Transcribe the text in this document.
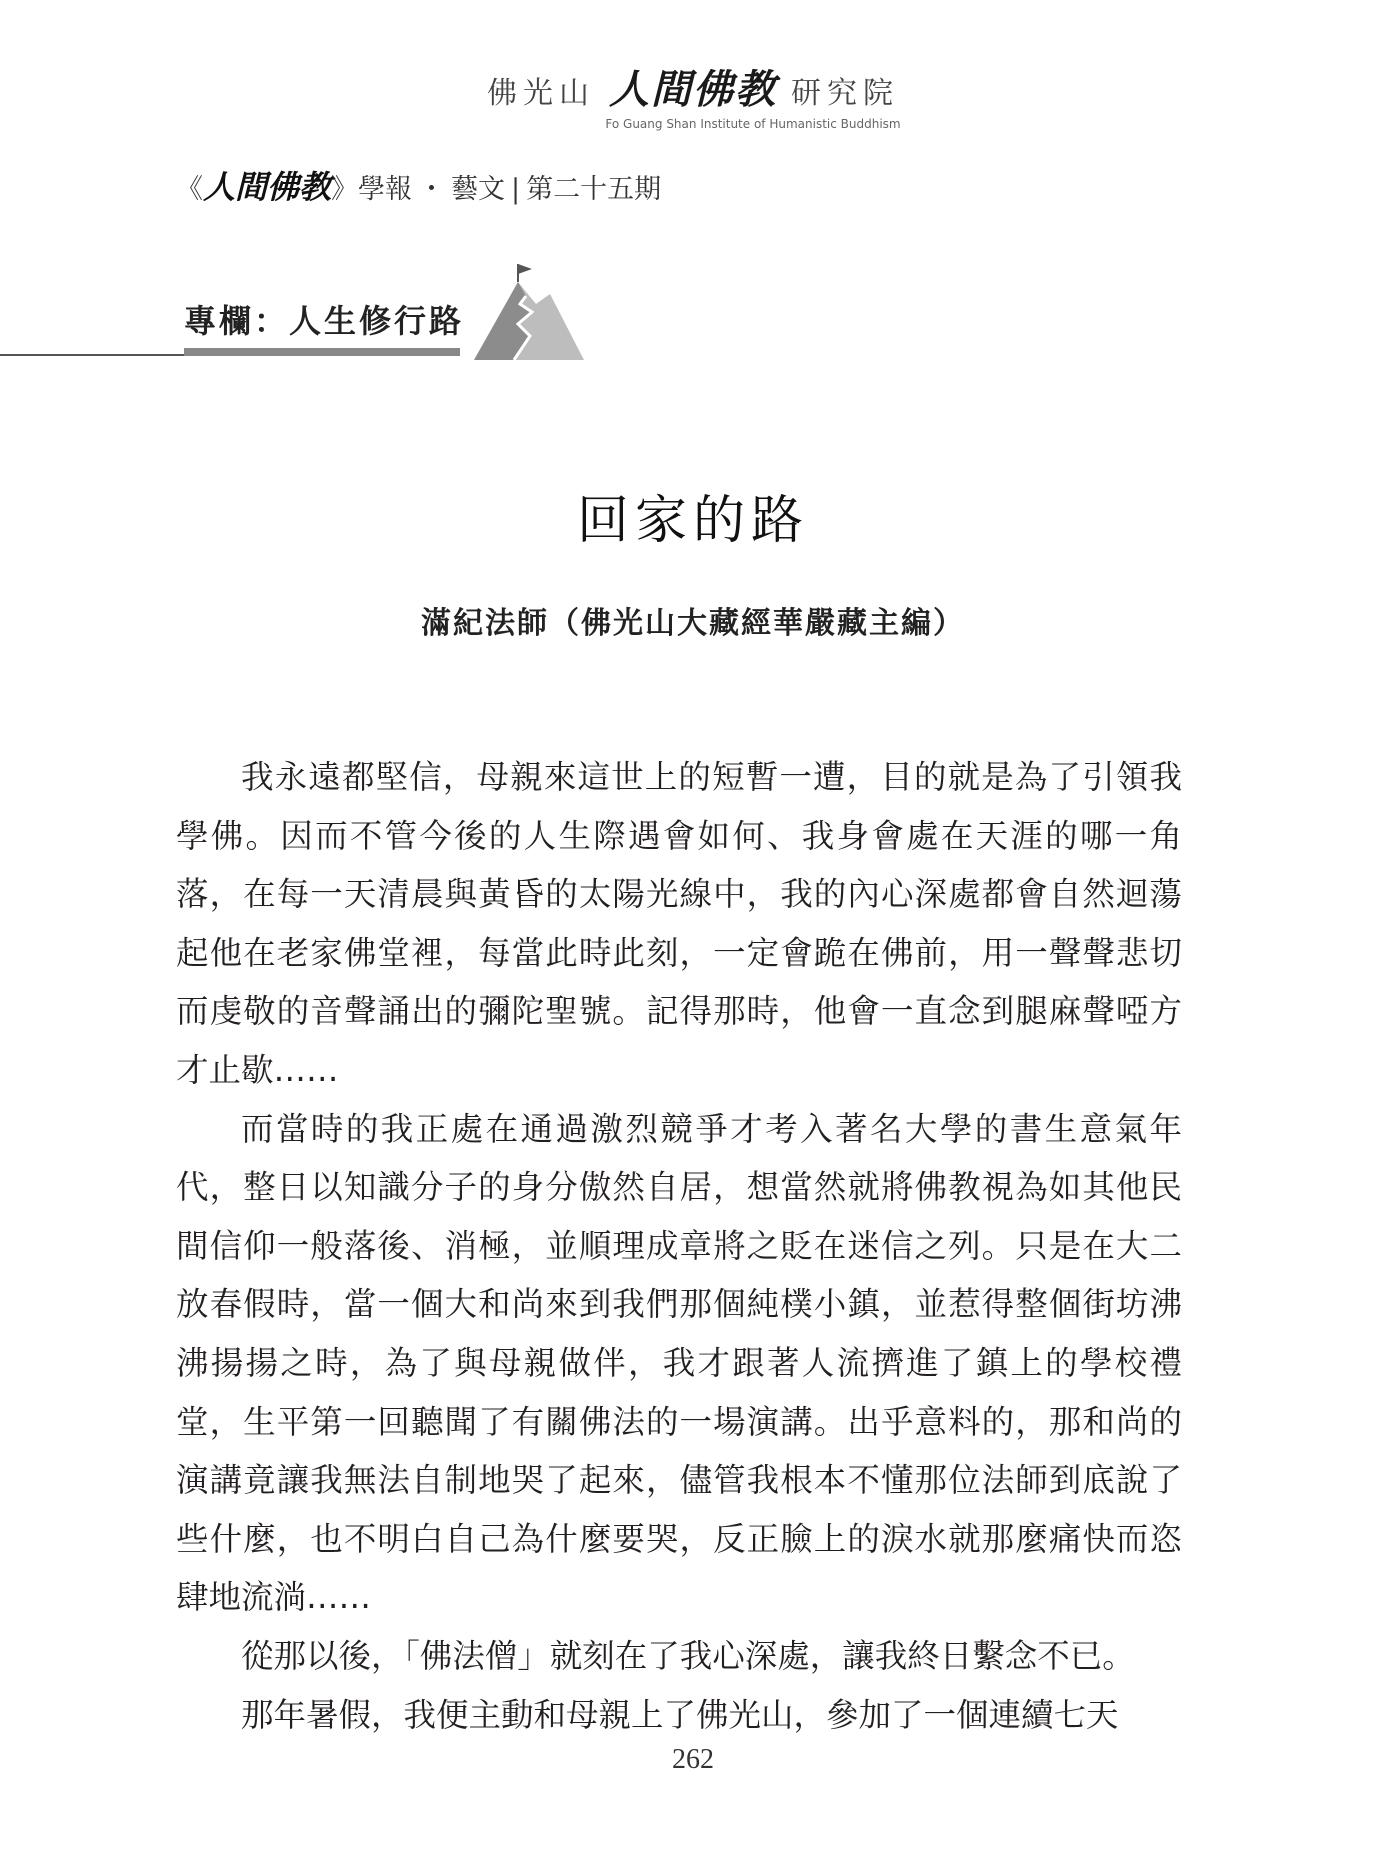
佛光山 人間佛教 研究院
Fo Guang Shan Institute of Humanistic Buddhism
《 人間佛教 》 學報 ・ 藝文 | 第二十五期
專欄：人生修行路
回家的路
滿紀法師（佛光山大藏經華嚴藏主編）

我永遠都堅信，母親來這世上的短暫一遭，目的就是為了引領我學佛。因而不管今後的人生際遇會如何、我身會處在天涯的哪一角落，在每一天清晨與黃昏的太陽光線中，我的內心深處都會自然迴蕩起他在老家佛堂裡，每當此時此刻，一定會跪在佛前，用一聲聲悲切而虔敬的音聲誦出的彌陀聖號。記得那時，他會一直念到腿麻聲啞方才止歇……

而當時的我正處在通過激烈競爭才考入著名大學的書生意氣年代，整日以知識分子的身分傲然自居，想當然就將佛教視為如其他民間信仰一般落後、消極，並順理成章將之貶在迷信之列。只是在大二放春假時，當一個大和尚來到我們那個純樸小鎮，並惹得整個街坊沸沸揚揚之時，為了與母親做伴，我才跟著人流擠進了鎮上的學校禮堂，生平第一回聽聞了有關佛法的一場演講。出乎意料的，那和尚的演講竟讓我無法自制地哭了起來，儘管我根本不懂那位法師到底說了些什麼，也不明白自己為什麼要哭，反正臉上的淚水就那麼痛快而恣肆地流淌……

從那以後，「佛法僧」就刻在了我心深處，讓我終日繫念不已。

那年暑假，我便主動和母親上了佛光山，參加了一個連續七天

262
